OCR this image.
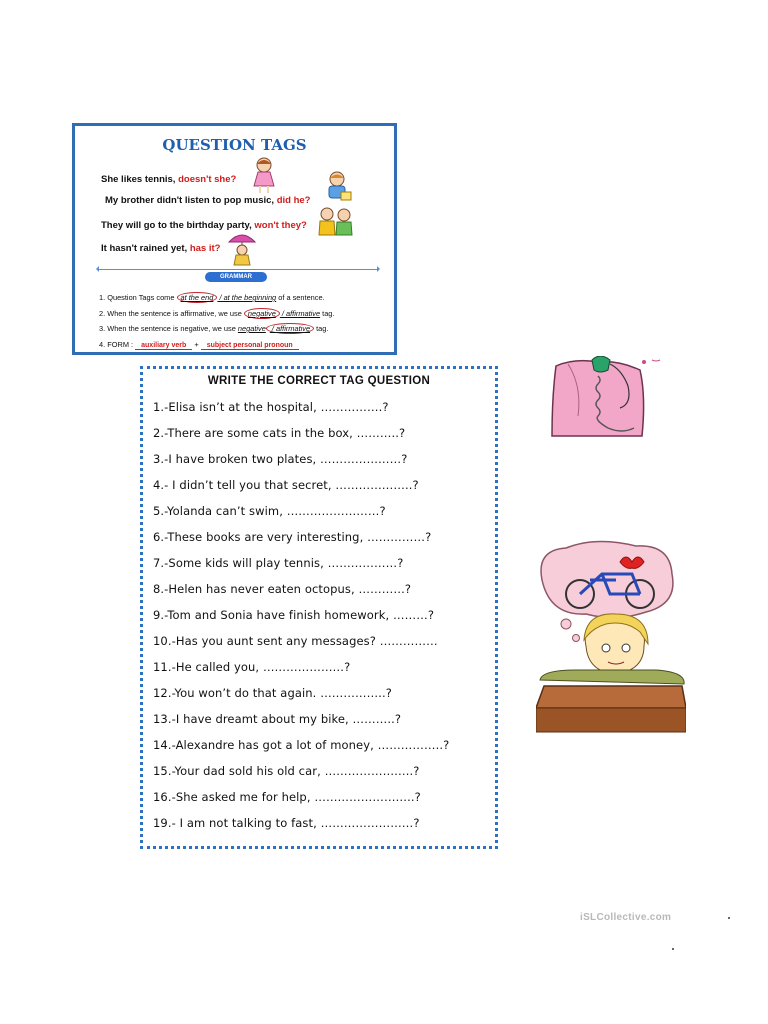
QUESTION TAGS
She likes tennis, doesn't she?
My brother didn't listen to pop music, did he?
They will go to the birthday party, won't they?
It hasn't rained yet, has it?
GRAMMAR
1. Question Tags come at the end / at the beginning of a sentence.
2. When the sentence is affirmative, we use negative / affirmative tag.
3. When the sentence is negative, we use negative / affirmative tag.
4. FORM : auxiliary verb + subject personal pronoun
WRITE THE CORRECT TAG QUESTION
1.-Elisa isn’t at the hospital, …………….?
2.-There are some cats in the box, ………..?
3.-I have broken two plates, …………………?
4.- I didn’t tell you that secret, ………………..?
5.-Yolanda can’t swim, ……………………?
6.-These books are very interesting, ……………?
7.-Some kids will play tennis, ………………?
8.-Helen has never eaten octopus, …………?
9.-Tom and Sonia have finish homework, ………?
10.-Has you aunt sent any messages? ……………
11.-He called you, …………………?
12.-You won’t do that again. ……………..?
13.-I have dreamt about my bike, ………..?
14.-Alexandre has got a lot of money, ……………..?
15.-Your dad sold his old car, …………………..?
16.-She asked me for help, ……………………..?
19.- I am not talking to fast, ……………………?
iSLCollective.com
